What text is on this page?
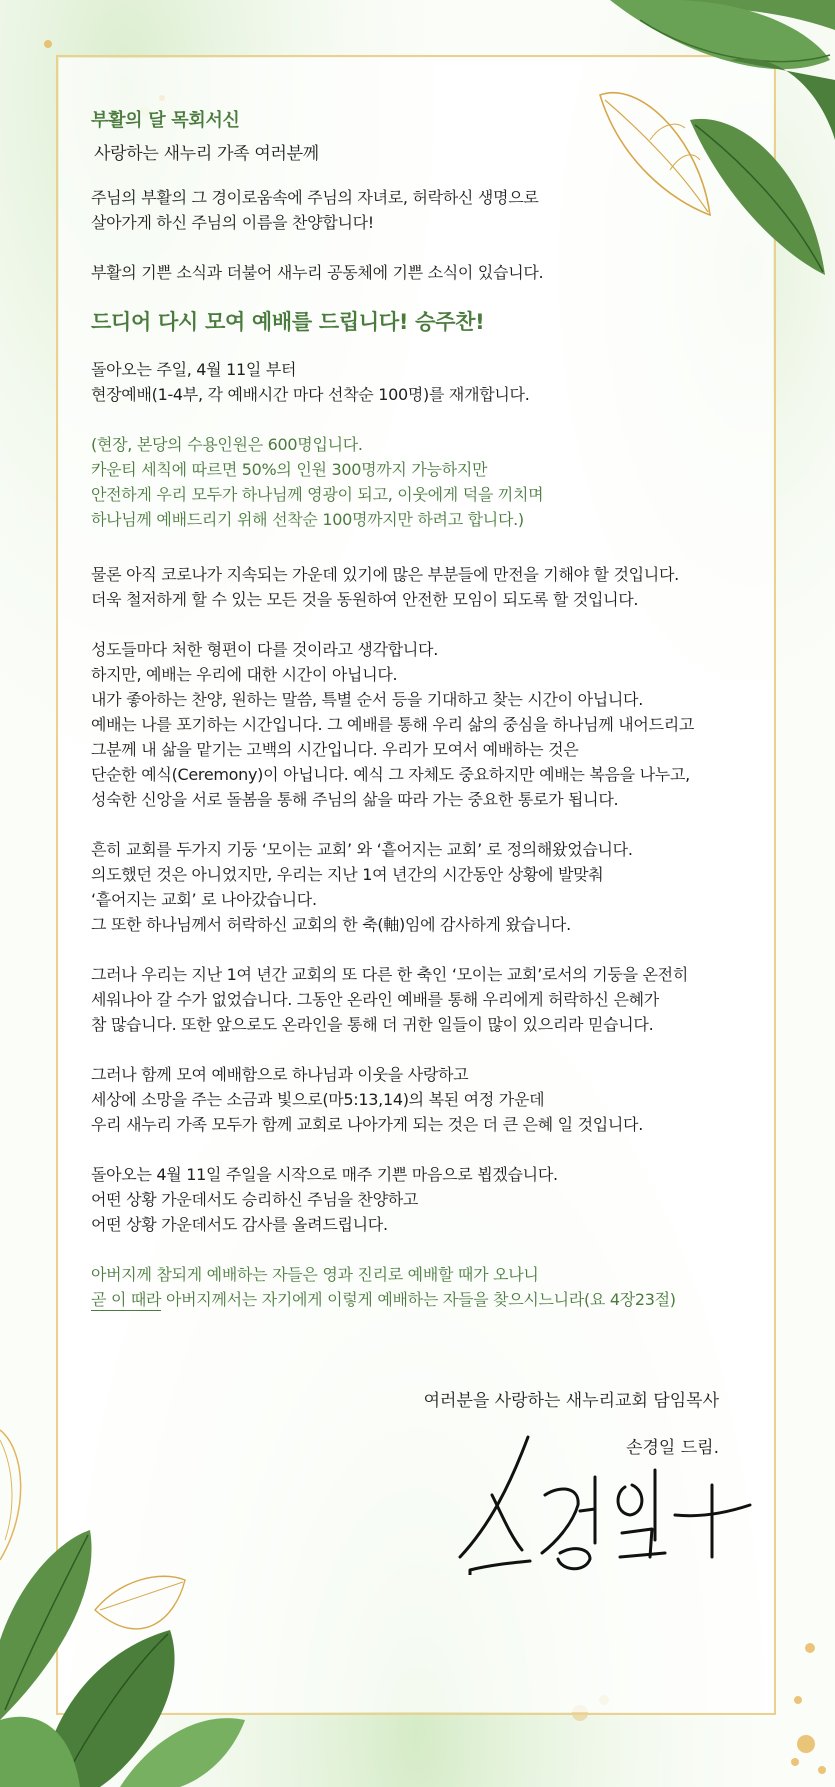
부활의 달 목회서신
사랑하는 새누리 가족 여러분께
주님의 부활의 그 경이로움속에 주님의 자녀로, 허락하신 생명으로
살아가게 하신 주님의 이름을 찬양합니다!
부활의 기쁜 소식과 더불어 새누리 공동체에 기쁜 소식이 있습니다.
드디어 다시 모여 예배를 드립니다! 승주찬!
돌아오는 주일, 4월 11일 부터
현장예배(1-4부, 각 예배시간 마다 선착순 100명)를 재개합니다.
(현장, 본당의 수용인원은 600명입니다.
카운티 세칙에 따르면 50%의 인원 300명까지 가능하지만
안전하게 우리 모두가 하나님께 영광이 되고, 이웃에게 덕을 끼치며
하나님께 예배드리기 위해 선착순 100명까지만 하려고 합니다.)
물론 아직 코로나가 지속되는 가운데 있기에 많은 부분들에 만전을 기해야 할 것입니다.
더욱 철저하게 할 수 있는 모든 것을 동원하여 안전한 모임이 되도록 할 것입니다.
성도들마다 처한 형편이 다를 것이라고 생각합니다.
하지만, 예배는 우리에 대한 시간이 아닙니다.
내가 좋아하는 찬양, 원하는 말씀, 특별 순서 등을 기대하고 찾는 시간이 아닙니다.
예배는 나를 포기하는 시간입니다. 그 예배를 통해 우리 삶의 중심을 하나님께 내어드리고
그분께 내 삶을 맡기는 고백의 시간입니다. 우리가 모여서 예배하는 것은
단순한 예식(Ceremony)이 아닙니다. 예식 그 자체도 중요하지만 예배는 복음을 나누고,
성숙한 신앙을 서로 돌봄을 통해 주님의 삶을 따라 가는 중요한 통로가 됩니다.
흔히 교회를 두가지 기둥 ‘모이는 교회’ 와 ‘흩어지는 교회’ 로 정의해왔었습니다.
의도했던 것은 아니었지만, 우리는 지난 1여 년간의 시간동안 상황에 발맞춰
‘흩어지는 교회’ 로 나아갔습니다.
그 또한 하나님께서 허락하신 교회의 한 축(軸)임에 감사하게 왔습니다.
그러나 우리는 지난 1여 년간 교회의 또 다른 한 축인 ‘모이는 교회’로서의 기둥을 온전히
세워나아 갈 수가 없었습니다. 그동안 온라인 예배를 통해 우리에게 허락하신 은혜가
참 많습니다. 또한 앞으로도 온라인을 통해 더 귀한 일들이 많이 있으리라 믿습니다.
그러나 함께 모여 예배함으로 하나님과 이웃을 사랑하고
세상에 소망을 주는 소금과 빛으로(마5:13,14)의 복된 여정 가운데
우리 새누리 가족 모두가 함께 교회로 나아가게 되는 것은 더 큰 은혜 일 것입니다.
돌아오는 4월 11일 주일을 시작으로 매주 기쁜 마음으로 뵙겠습니다.
어떤 상황 가운데서도 승리하신 주님을 찬양하고
어떤 상황 가운데서도 감사를 올려드립니다.
아버지께 참되게 예배하는 자들은 영과 진리로 예배할 때가 오나니
곧 이 때라 아버지께서는 자기에게 이렇게 예배하는 자들을 찾으시느니라(요 4장23절)
여러분을 사랑하는 새누리교회 담임목사
손경일 드림.
